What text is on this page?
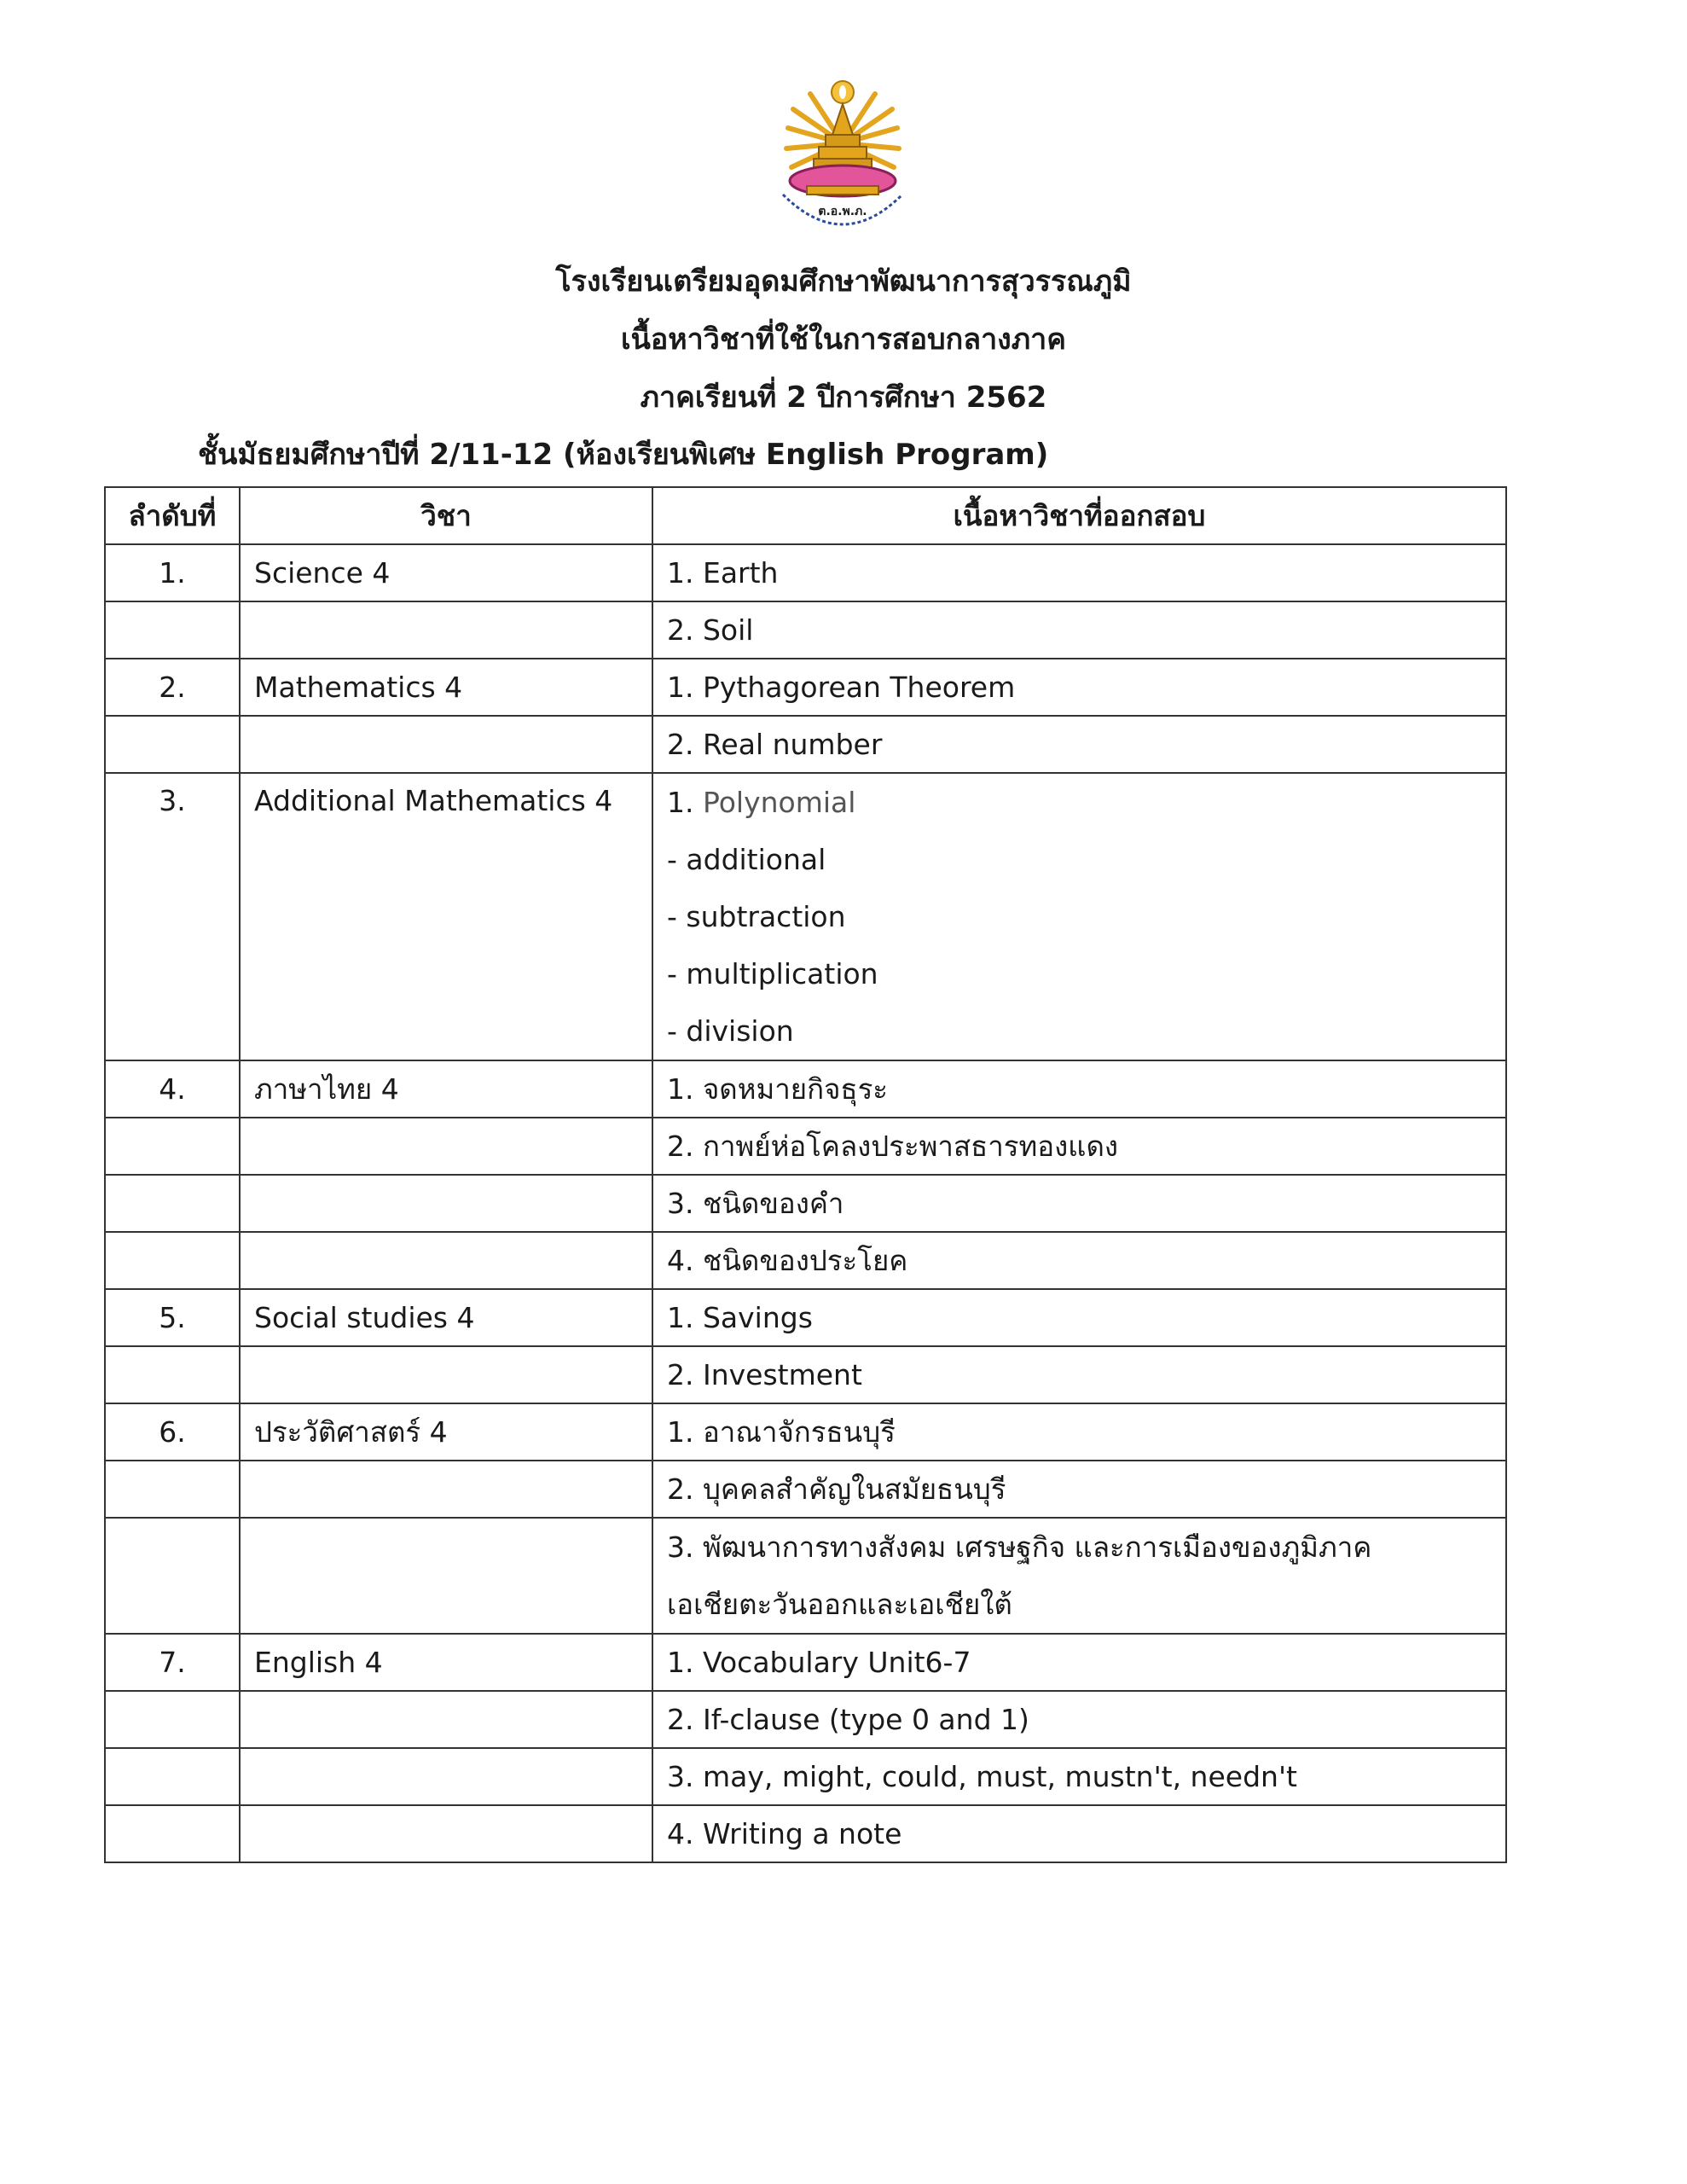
ต.อ.พ.ภ.
โรงเรียนเตรียมอุดมศึกษาพัฒนาการสุวรรณภูมิ
เนื้อหาวิชาที่ใช้ในการสอบกลางภาค
ภาคเรียนที่ 2 ปีการศึกษา 2562
ชั้นมัธยมศึกษาปีที่ 2/11-12 (ห้องเรียนพิเศษ English Program)
ลำดับที่	วิชา	เนื้อหาวิชาที่ออกสอบ
1.	Science 4	1. Earth
		2. Soil
2.	Mathematics 4	1. Pythagorean Theorem
		2. Real number
3.	Additional Mathematics 4	1. Polynomial
- additional
- subtraction
- multiplication
- division

4.	ภาษาไทย 4	1. จดหมายกิจธุระ
		2. กาพย์ห่อโคลงประพาสธารทองแดง
		3. ชนิดของคำ
		4. ชนิดของประโยค
5.	Social studies 4	1. Savings
		2. Investment
6.	ประวัติศาสตร์ 4	1. อาณาจักรธนบุรี
		2. บุคคลสำคัญในสมัยธนบุรี

		3. พัฒนาการทางสังคม เศรษฐกิจ และการเมืองของภูมิภาค
เอเชียตะวันออกและเอเชียใต้

7.	English 4	1. Vocabulary Unit6-7
		2. If-clause (type 0 and 1)
		3. may, might, could, must, mustn't, needn't
		4. Writing a note
